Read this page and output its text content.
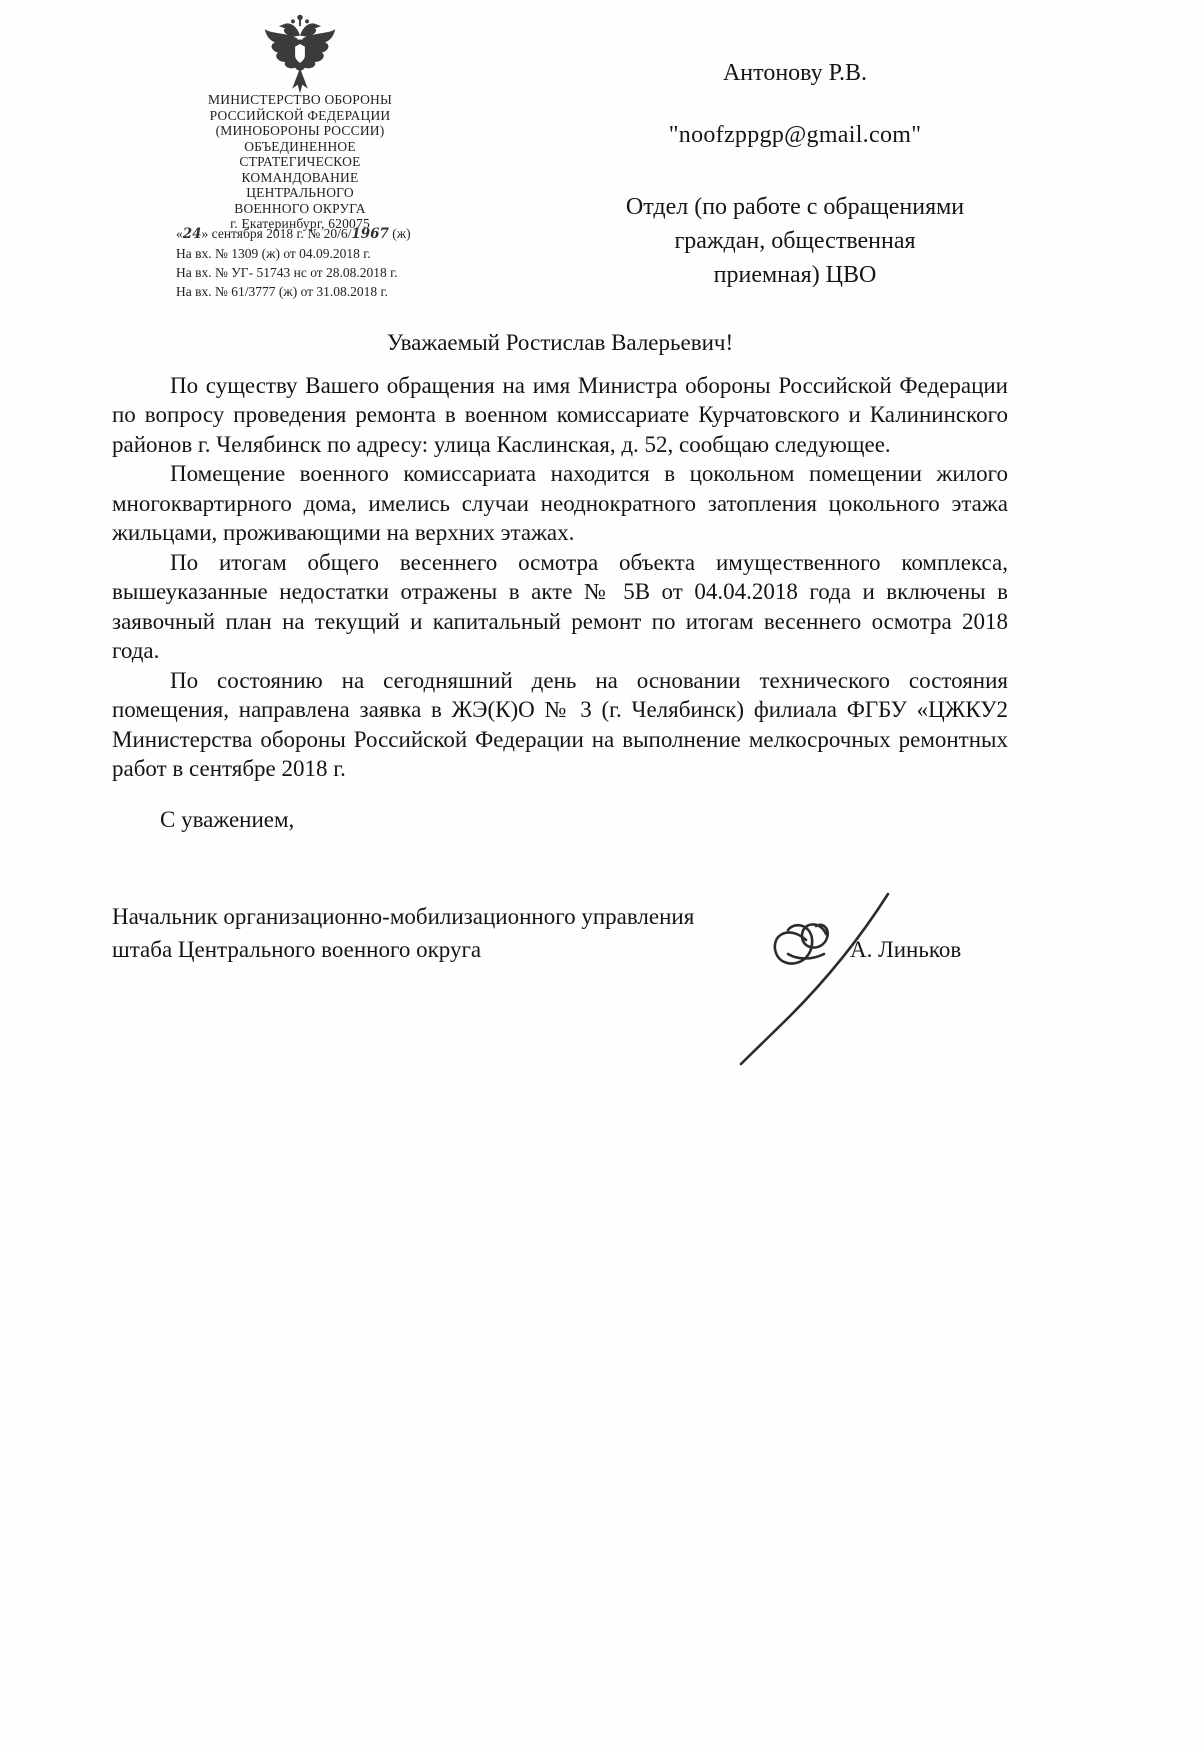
МИНИСТЕРСТВО ОБОРОНЫ
РОССИЙСКОЙ ФЕДЕРАЦИИ
(МИНОБОРОНЫ РОССИИ)
ОБЪЕДИНЕННОЕ
СТРАТЕГИЧЕСКОЕ
КОМАНДОВАНИЕ
ЦЕНТРАЛЬНОГО
ВОЕННОГО ОКРУГА
г. Екатеринбург, 620075
«24» сентября 2018 г. № 20/6/1967 (ж)
На вх. № 1309 (ж) от 04.09.2018 г.
На вх. № УГ- 51743 нс от 28.08.2018 г.
На вх. № 61/3777 (ж) от 31.08.2018 г.
Антонову Р.В.
"noofzppgp@gmail.com"
Отдел (по работе с обращениями
граждан, общественная
приемная) ЦВО
Уважаемый Ростислав Валерьевич!

По существу Вашего обращения на имя Министра обороны Российской Федерации по вопросу проведения ремонта в военном комиссариате Курчатовского и Калининского районов г. Челябинск по адресу: улица Каслинская, д. 52, сообщаю следующее.

Помещение военного комиссариата находится в цокольном помещении жилого многоквартирного дома, имелись случаи неоднократного затопления цокольного этажа жильцами, проживающими на верхних этажах.

По итогам общего весеннего осмотра объекта имущественного комплекса, вышеуказанные недостатки отражены в акте № 5В от 04.04.2018 года и включены в заявочный план на текущий и капитальный ремонт по итогам весеннего осмотра 2018 года.

По состоянию на сегодняшний день на основании технического состояния помещения, направлена заявка в ЖЭ(К)О № 3 (г. Челябинск) филиала ФГБУ «ЦЖКУ2 Министерства обороны Российской Федерации на выполнение мелкосрочных ремонтных работ в сентябре 2018 г.

С уважением,
Начальник организационно-мобилизационного управления
штаба Центрального военного округа	А. Линьков
